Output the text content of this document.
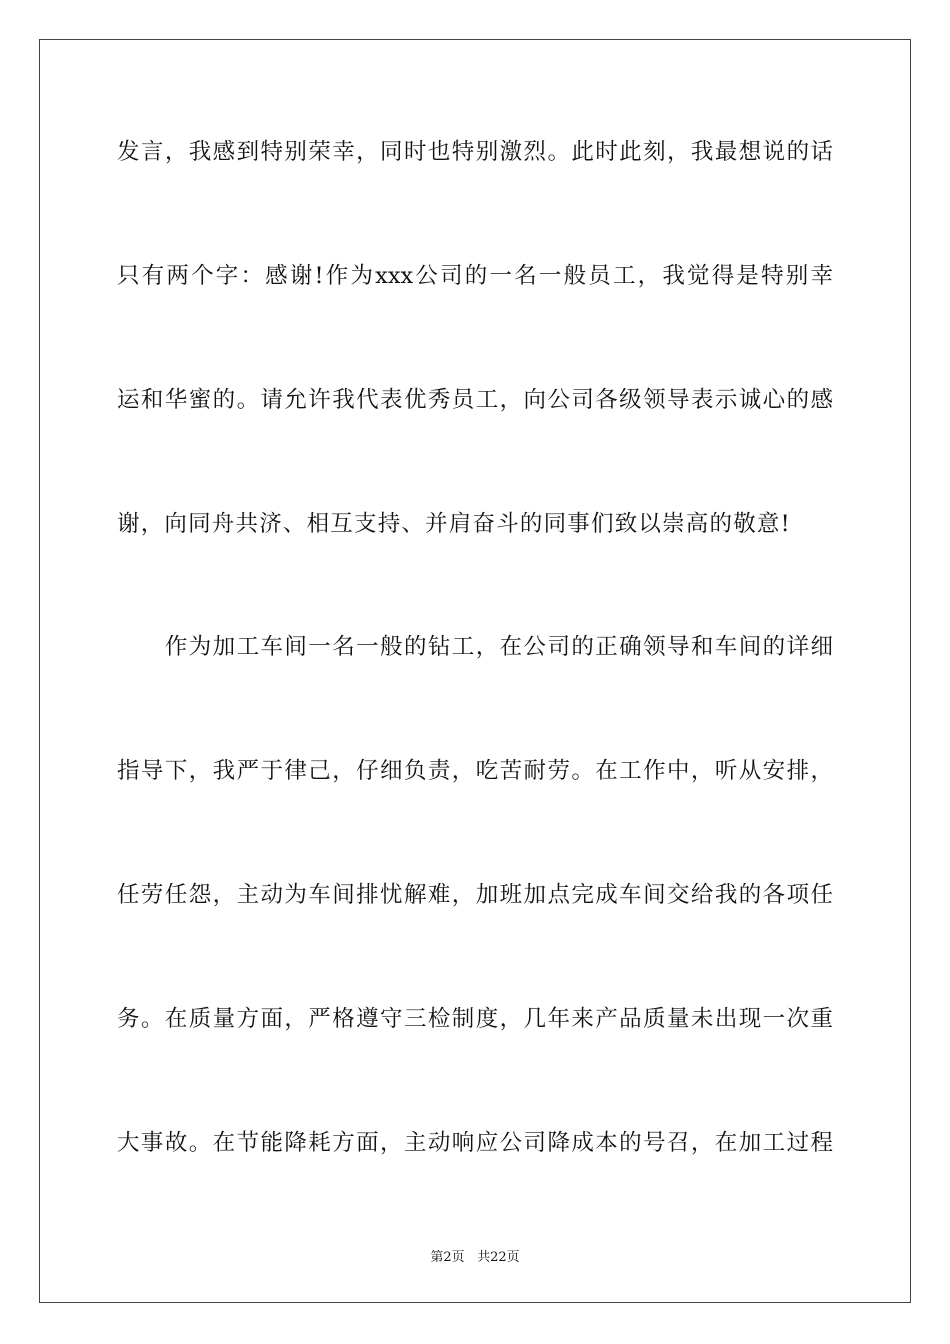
发言，我感到特别荣幸，同时也特别激烈。此时此刻，我最想说的话
只有两个字：感谢!作为xxx公司的一名一般员工，我觉得是特别幸
运和华蜜的。请允许我代表优秀员工，向公司各级领导表示诚心的感
谢，向同舟共济、相互支持、并肩奋斗的同事们致以崇高的敬意!
　　作为加工车间一名一般的钻工，在公司的正确领导和车间的详细
指导下，我严于律己，仔细负责，吃苦耐劳。在工作中，听从安排，
任劳任怨，主动为车间排忧解难，加班加点完成车间交给我的各项任
务。在质量方面，严格遵守三检制度，几年来产品质量未出现一次重
大事故。在节能降耗方面，主动响应公司降成本的号召，在加工过程
第2页 共22页
